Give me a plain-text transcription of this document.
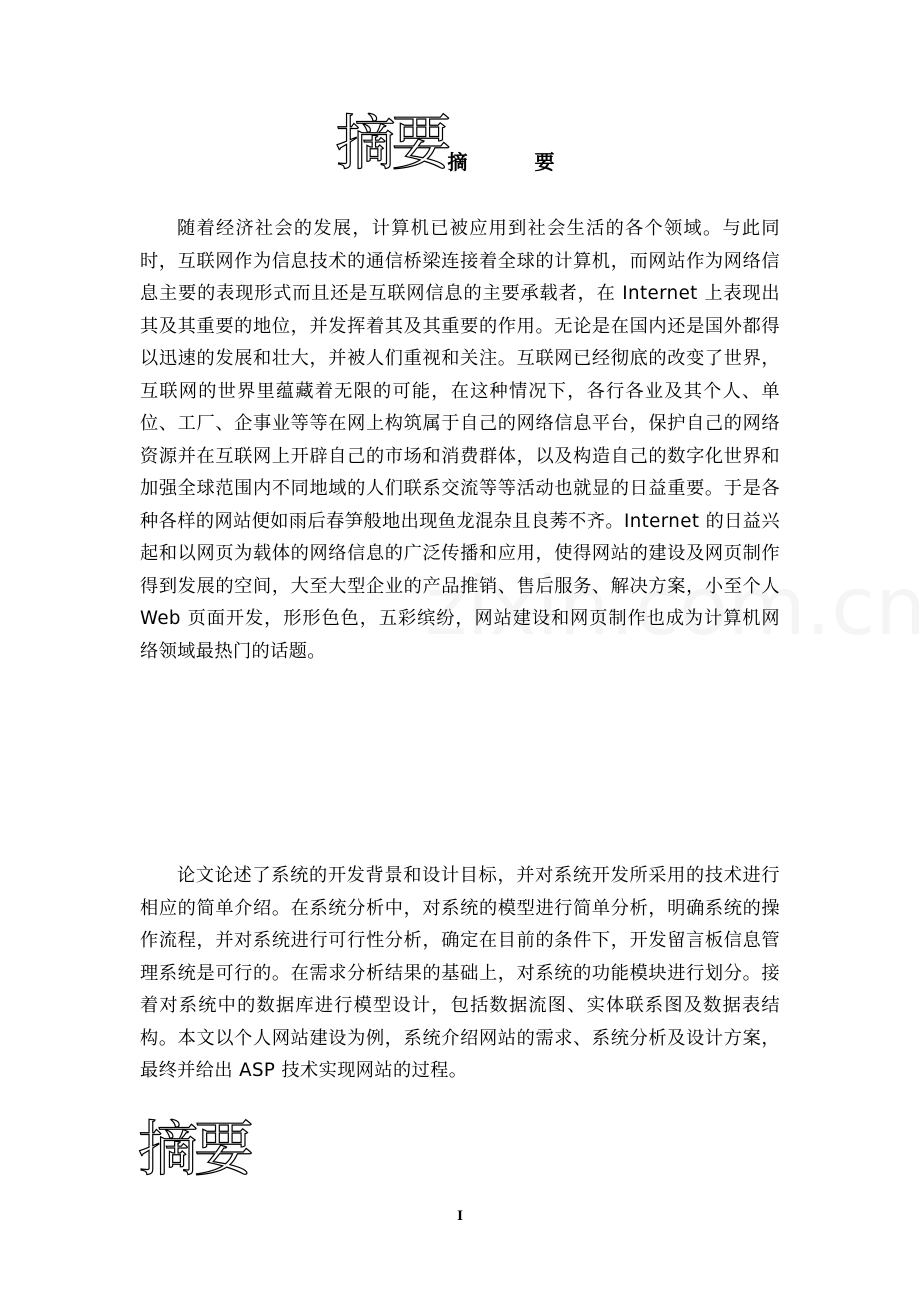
摘要摘 要

随着经济社会的发展，计算机已被应用到社会生活的各个领域。与此同时，互联网作为信息技术的通信桥梁连接着全球的计算机，而网站作为网络信息主要的表现形式而且还是互联网信息的主要承载者，在 Internet 上表现出其及其重要的地位，并发挥着其及其重要的作用。无论是在国内还是国外都得以迅速的发展和壮大，并被人们重视和关注。互联网已经彻底的改变了世界，互联网的世界里蕴藏着无限的可能，在这种情况下，各行各业及其个人、单位、工厂、企事业等等在网上构筑属于自己的网络信息平台，保护自己的网络资源并在互联网上开辟自己的市场和消费群体，以及构造自己的数字化世界和加强全球范围内不同地域的人们联系交流等等活动也就显的日益重要。于是各种各样的网站便如雨后春笋般地出现鱼龙混杂且良莠不齐。Internet 的日益兴起和以网页为载体的网络信息的广泛传播和应用，使得网站的建设及网页制作得到发展的空间，大至大型企业的产品推销、售后服务、解决方案，小至个人 Web 页面开发，形形色色，五彩缤纷，网站建设和网页制作也成为计算机网络领域最热门的话题。

论文论述了系统的开发背景和设计目标，并对系统开发所采用的技术进行相应的简单介绍。在系统分析中，对系统的模型进行简单分析，明确系统的操作流程，并对系统进行可行性分析，确定在目前的条件下，开发留言板信息管理系统是可行的。在需求分析结果的基础上，对系统的功能模块进行划分。接着对系统中的数据库进行模型设计，包括数据流图、实体联系图及数据表结构。本文以个人网站建设为例，系统介绍网站的需求、系统分析及设计方案，最终并给出 ASP 技术实现网站的过程。

摘要
I
